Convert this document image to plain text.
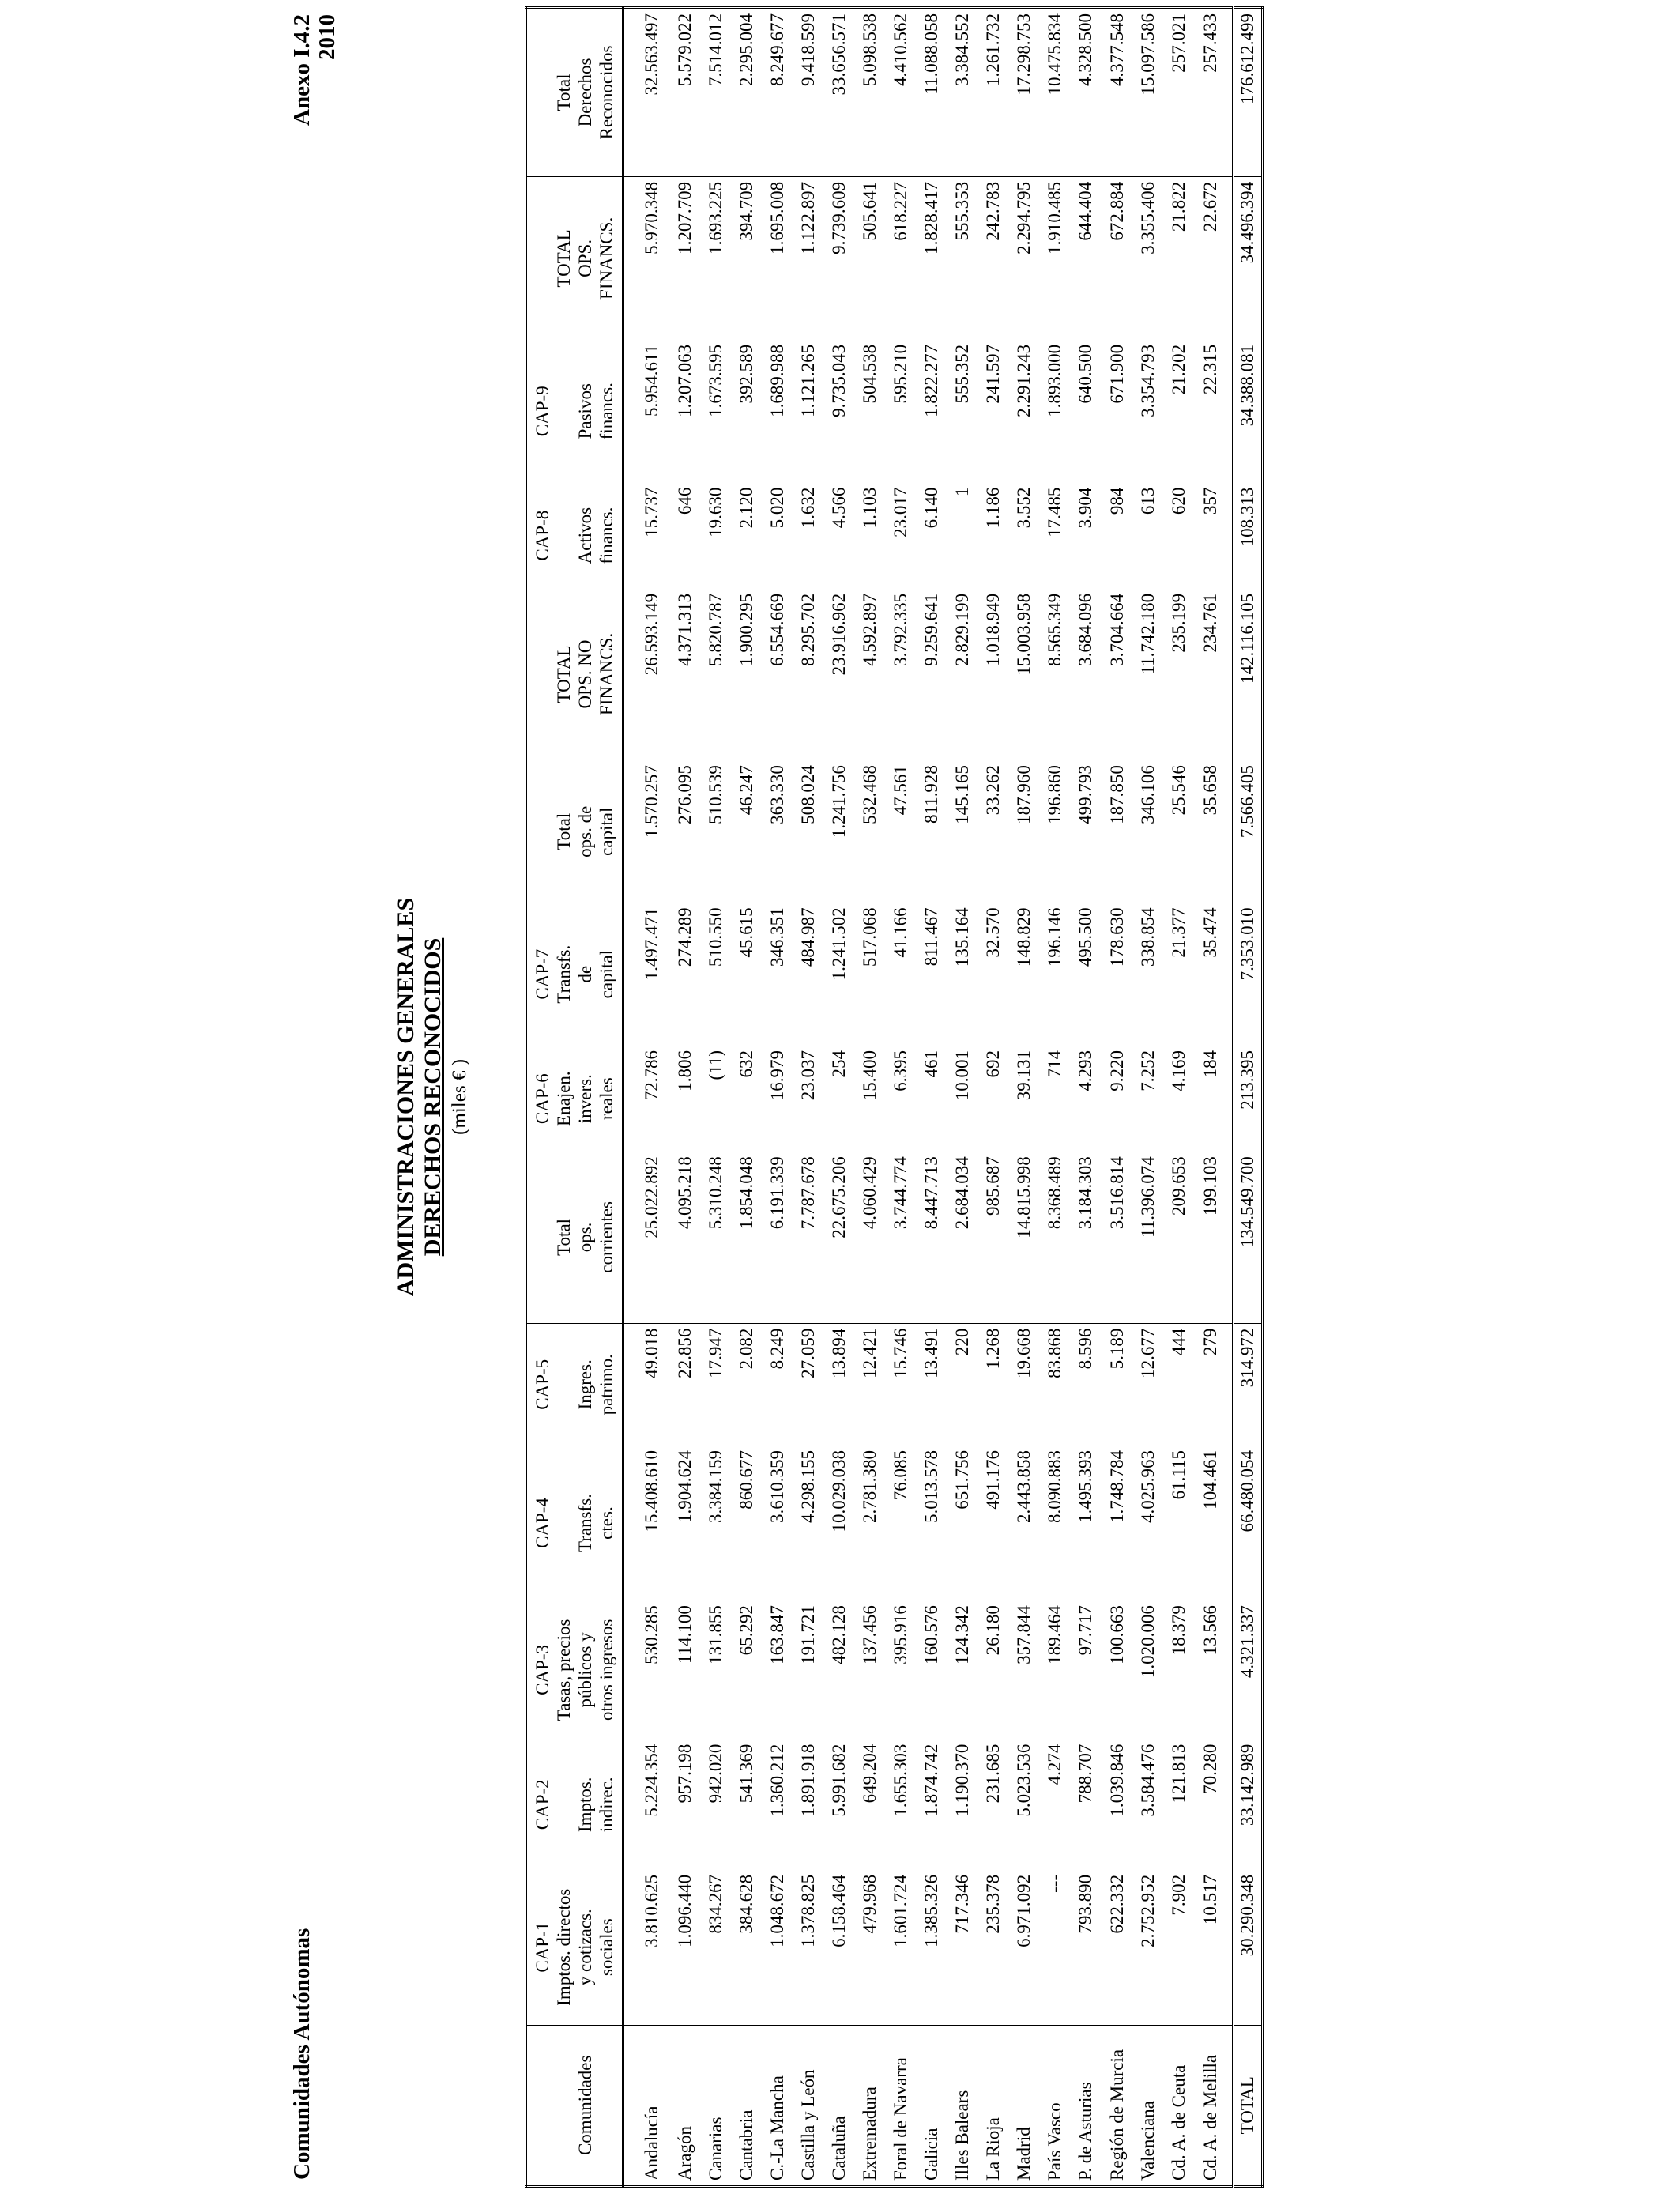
Comunidades Autónomas
Anexo I.4.2 2010
ADMINISTRACIONES GENERALES DERECHOS RECONOCIDOS (miles € )
	CAP-1	CAP-2	CAP-3	CAP-4	CAP-5		CAP-6	CAP-7			CAP-8	CAP-9		
	Imptos. directos		Tasas, precios			Total	Enajen.	Transfs.	Total	TOTAL			TOTAL	Total
Comunidades	y cotizacs.	Imptos.	públicos y	Transfs.	Ingres.	ops.	invers.	de	ops. de	OPS. NO	Activos	Pasivos	OPS.	Derechos
	sociales	indirec.	otros ingresos	ctes.	patrimo.	corrientes	reales	capital	capital	FINANCS.	financs.	financs.	FINANCS.	Reconocidos
Andalucía	3.810.625	5.224.354	530.285	15.408.610	49.018	25.022.892	72.786	1.497.471	1.570.257	26.593.149	15.737	5.954.611	5.970.348	32.563.497
Aragón	1.096.440	957.198	114.100	1.904.624	22.856	4.095.218	1.806	274.289	276.095	4.371.313	646	1.207.063	1.207.709	5.579.022
Canarias	834.267	942.020	131.855	3.384.159	17.947	5.310.248	(11)	510.550	510.539	5.820.787	19.630	1.673.595	1.693.225	7.514.012
Cantabria	384.628	541.369	65.292	860.677	2.082	1.854.048	632	45.615	46.247	1.900.295	2.120	392.589	394.709	2.295.004
C.-La Mancha	1.048.672	1.360.212	163.847	3.610.359	8.249	6.191.339	16.979	346.351	363.330	6.554.669	5.020	1.689.988	1.695.008	8.249.677
Castilla y León	1.378.825	1.891.918	191.721	4.298.155	27.059	7.787.678	23.037	484.987	508.024	8.295.702	1.632	1.121.265	1.122.897	9.418.599
Cataluña	6.158.464	5.991.682	482.128	10.029.038	13.894	22.675.206	254	1.241.502	1.241.756	23.916.962	4.566	9.735.043	9.739.609	33.656.571
Extremadura	479.968	649.204	137.456	2.781.380	12.421	4.060.429	15.400	517.068	532.468	4.592.897	1.103	504.538	505.641	5.098.538
Foral de Navarra	1.601.724	1.655.303	395.916	76.085	15.746	3.744.774	6.395	41.166	47.561	3.792.335	23.017	595.210	618.227	4.410.562
Galicia	1.385.326	1.874.742	160.576	5.013.578	13.491	8.447.713	461	811.467	811.928	9.259.641	6.140	1.822.277	1.828.417	11.088.058
Illes Balears	717.346	1.190.370	124.342	651.756	220	2.684.034	10.001	135.164	145.165	2.829.199	1	555.352	555.353	3.384.552
La Rioja	235.378	231.685	26.180	491.176	1.268	985.687	692	32.570	33.262	1.018.949	1.186	241.597	242.783	1.261.732
Madrid	6.971.092	5.023.536	357.844	2.443.858	19.668	14.815.998	39.131	148.829	187.960	15.003.958	3.552	2.291.243	2.294.795	17.298.753
País Vasco	---	4.274	189.464	8.090.883	83.868	8.368.489	714	196.146	196.860	8.565.349	17.485	1.893.000	1.910.485	10.475.834
P. de Asturias	793.890	788.707	97.717	1.495.393	8.596	3.184.303	4.293	495.500	499.793	3.684.096	3.904	640.500	644.404	4.328.500
Región de Murcia	622.332	1.039.846	100.663	1.748.784	5.189	3.516.814	9.220	178.630	187.850	3.704.664	984	671.900	672.884	4.377.548
Valenciana	2.752.952	3.584.476	1.020.006	4.025.963	12.677	11.396.074	7.252	338.854	346.106	11.742.180	613	3.354.793	3.355.406	15.097.586
Cd. A. de Ceuta	7.902	121.813	18.379	61.115	444	209.653	4.169	21.377	25.546	235.199	620	21.202	21.822	257.021
Cd. A. de Melilla	10.517	70.280	13.566	104.461	279	199.103	184	35.474	35.658	234.761	357	22.315	22.672	257.433
TOTAL	30.290.348	33.142.989	4.321.337	66.480.054	314.972	134.549.700	213.395	7.353.010	7.566.405	142.116.105	108.313	34.388.081	34.496.394	176.612.499
